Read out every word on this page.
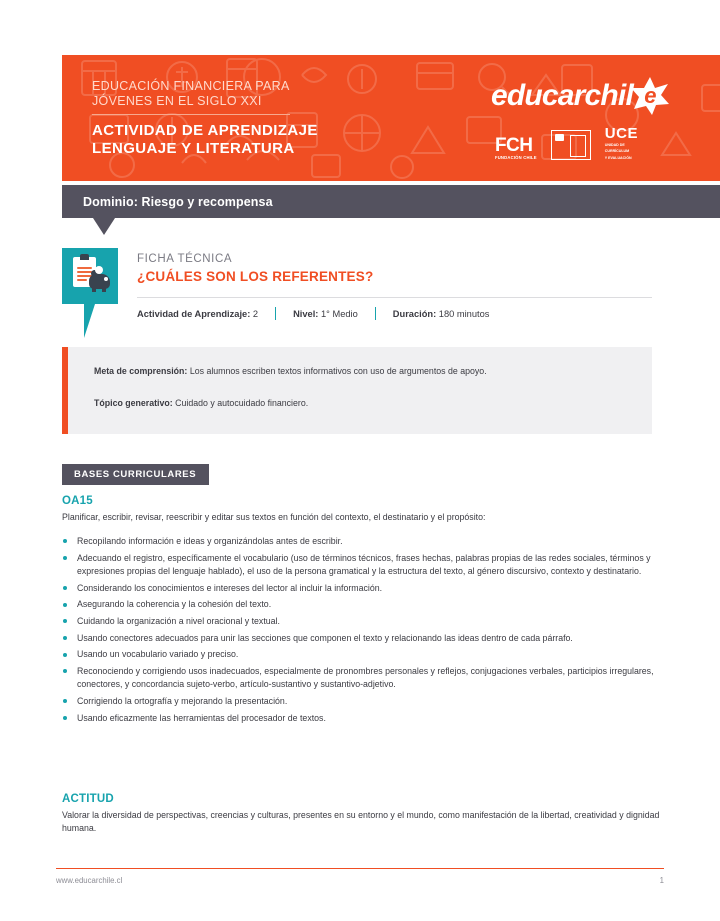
EDUCACIÓN FINANCIERA PARA
JÓVENES EN EL SIGLO XXI
ACTIVIDAD DE APRENDIZAJE
LENGUAJE Y LITERATURA
educarchil e
FCH
FUNDACIÓN CHILE
UCE
UNIDAD DE
CURRÍCULUM
Y EVALUACIÓN
Dominio: Riesgo y recompensa
FICHA TÉCNICA
¿CUÁLES SON LOS REFERENTES?
Actividad de Aprendizaje: 2	Nivel: 1° Medio	Duración: 180 minutos

Meta de comprensión: Los alumnos escriben textos informativos con uso de argumentos de apoyo.

Tópico generativo: Cuidado y autocuidado financiero.

BASES CURRICULARES
OA15
Planificar, escribir, revisar, reescribir y editar sus textos en función del contexto, el destinatario y el propósito:
Recopilando información e ideas y organizándolas antes de escribir.
Adecuando el registro, específicamente el vocabulario (uso de términos técnicos, frases hechas, palabras propias de las redes sociales, términos y expresiones propias del lenguaje hablado), el uso de la persona gramatical y la estructura del texto, al género discursivo, contexto y destinatario.
Considerando los conocimientos e intereses del lector al incluir la información.
Asegurando la coherencia y la cohesión del texto.
Cuidando la organización a nivel oracional y textual.
Usando conectores adecuados para unir las secciones que componen el texto y relacionando las ideas dentro de cada párrafo.
Usando un vocabulario variado y preciso.
Reconociendo y corrigiendo usos inadecuados, especialmente de pronombres personales y reflejos, conjugaciones verbales, participios irregulares, conectores, y concordancia sujeto-verbo, artículo-sustantivo y sustantivo-adjetivo.
Corrigiendo la ortografía y mejorando la presentación.
Usando eficazmente las herramientas del procesador de textos.
ACTITUD
Valorar la diversidad de perspectivas, creencias y culturas, presentes en su entorno y el mundo, como manifestación de la libertad, creatividad y dignidad humana.
www.educarchile.cl	1
